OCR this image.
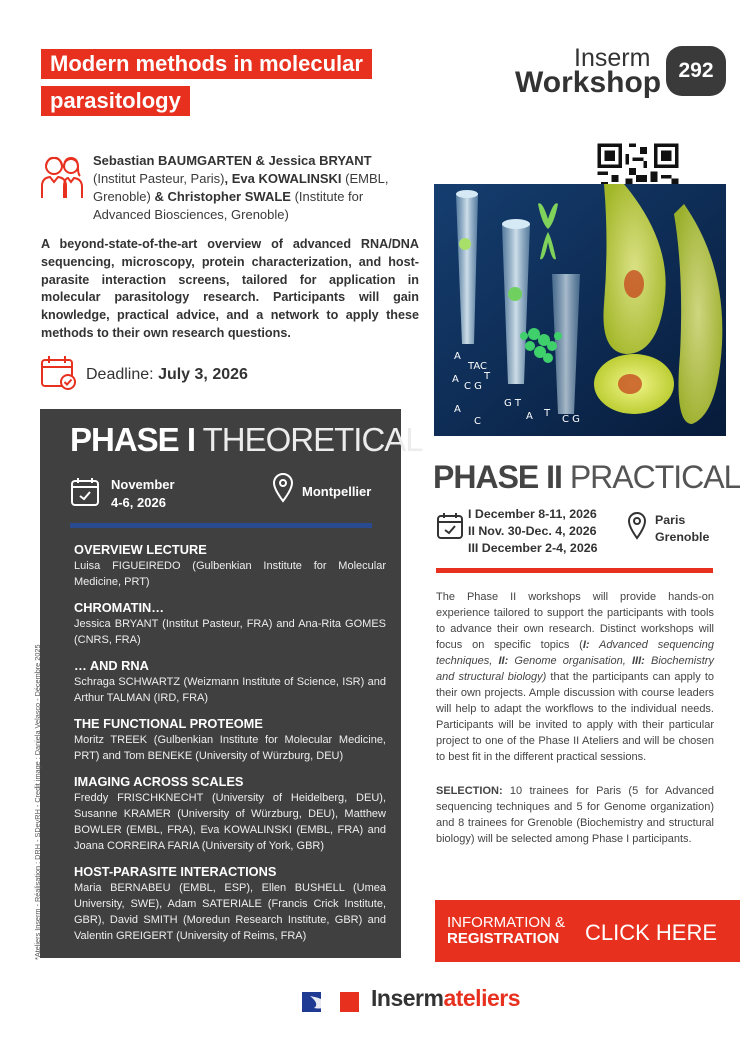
Modern methods in molecular
parasitology
Inserm
Workshop 292
Sebastian BAUMGARTEN & Jessica BRYANT (Institut Pasteur, Paris), Eva KOWALINSKI (EMBL, Grenoble) & Christopher SWALE (Institute for Advanced Biosciences, Grenoble)
A beyond-state-of-the-art overview of advanced RNA/DNA sequencing, microscopy, protein characterization, and host-parasite interaction screens, tailored for application in molecular parasitology research. Participants will gain knowledge, practical advice, and a network to apply these methods to their own research questions.
Deadline: July 3, 2026
A
TAC
A
C G
T
G T
A T
C G
A
C
PHASE I THEORETICAL
November
4-6, 2026
Montpellier
OVERVIEW LECTURE

Luisa FIGUEIREDO (Gulbenkian Institute for Molecular Medicine, PRT)

CHROMATIN…

Jessica BRYANT (Institut Pasteur, FRA) and Ana-Rita GOMES (CNRS, FRA)

… AND RNA

Schraga SCHWARTZ (Weizmann Institute of Science, ISR) and Arthur TALMAN (IRD, FRA)

THE FUNCTIONAL PROTEOME

Moritz TREEK (Gulbenkian Institute for Molecular Medicine, PRT) and Tom BENEKE (University of Würzburg, DEU)

IMAGING ACROSS SCALES

Freddy FRISCHKNECHT (University of Heidelberg, DEU), Susanne KRAMER (University of Würzburg, DEU), Matthew BOWLER (EMBL, FRA), Eva KOWALINSKI (EMBL, FRA) and Joana CORREIRA FARIA (University of York, GBR)

HOST-PARASITE INTERACTIONS

Maria BERNABEU (EMBL, ESP), Ellen BUSHELL (Umea University, SWE), Adam SATERIALE (Francis Crick Institute, GBR), David SMITH (Moredun Research Institute, GBR) and Valentin GREIGERT (University of Reims, FRA)

PHASE II PRACTICAL
I December 8-11, 2026
II Nov. 30-Dec. 4, 2026
III December 2-4, 2026
Paris
Grenoble
The Phase II workshops will provide hands-on experience tailored to support the participants with tools to advance their own research. Distinct workshops will focus on specific topics (I: Advanced sequencing techniques, II: Genome organisation, III: Biochemistry and structural biology) that the participants can apply to their own projects. Ample discussion with course leaders will help to adapt the workflows to the individual needs. Participants will be invited to apply with their particular project to one of the Phase II Ateliers and will be chosen to best fit in the different practical sessions.
SELECTION: 10 trainees for Paris (5 for Advanced sequencing techniques and 5 for Genome organization) and 8 trainees for Grenoble (Biochemistry and structural biology) will be selected among Phase I participants.
INFORMATION &
REGISTRATION CLICK HERE
*Ateliers Inserm - Réalisation : DRH - SDevRH - Credit image : Daniela Velasco - Décembre 2025
Insermateliers
